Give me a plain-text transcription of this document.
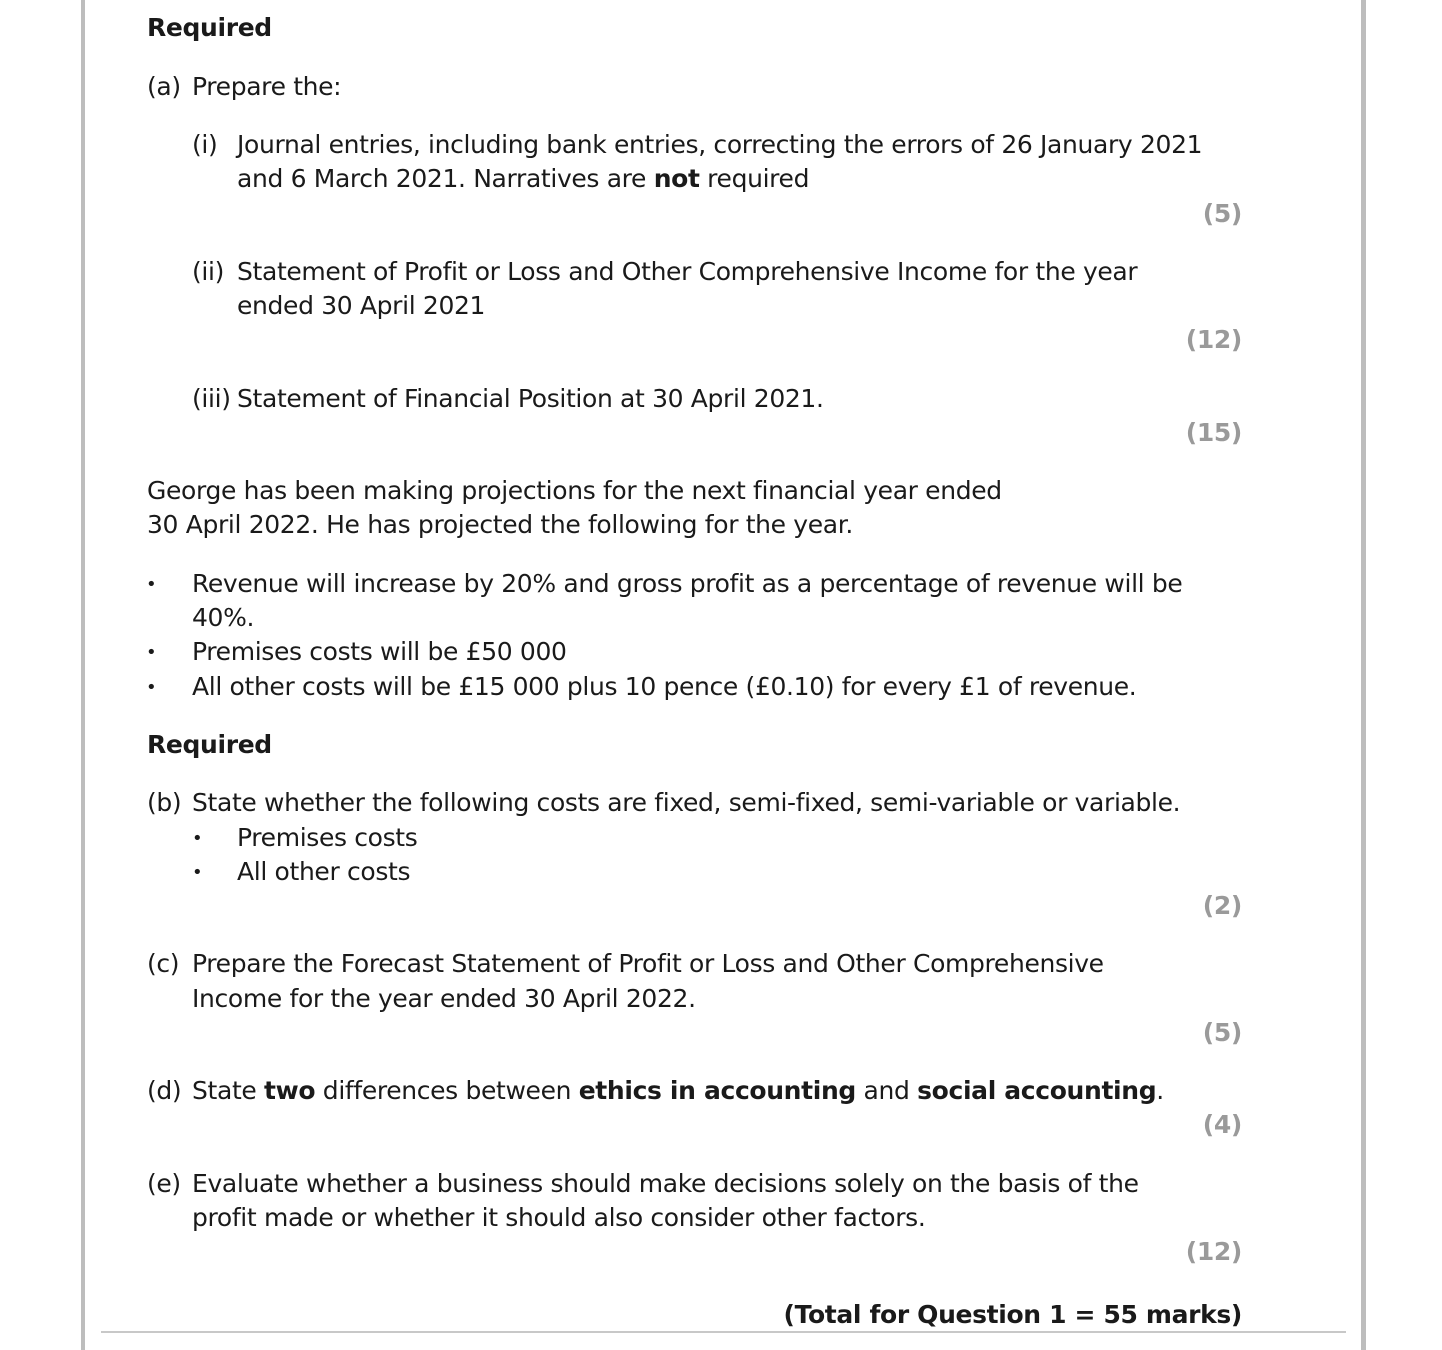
Required
(a) Prepare the:
(i) Journal entries, including bank entries, correcting the errors of 26 January 2021
and 6 March 2021. Narratives are not required
(5)
(ii) Statement of Profit or Loss and Other Comprehensive Income for the year
ended 30 April 2021
(12)
(iii) Statement of Financial Position at 30 April 2021.
(15)
George has been making projections for the next financial year ended
30 April 2022. He has projected the following for the year.
• Revenue will increase by 20% and gross profit as a percentage of revenue will be
40%.
• Premises costs will be £50 000
• All other costs will be £15 000 plus 10 pence (£0.10) for every £1 of revenue.
Required
(b) State whether the following costs are fixed, semi-fixed, semi-variable or variable.
• Premises costs
• All other costs
(2)
(c) Prepare the Forecast Statement of Profit or Loss and Other Comprehensive
Income for the year ended 30 April 2022.
(5)
(d) State two differences between ethics in accounting and social accounting.
(4)
(e) Evaluate whether a business should make decisions solely on the basis of the
profit made or whether it should also consider other factors.
(12)
(Total for Question 1 = 55 marks)
